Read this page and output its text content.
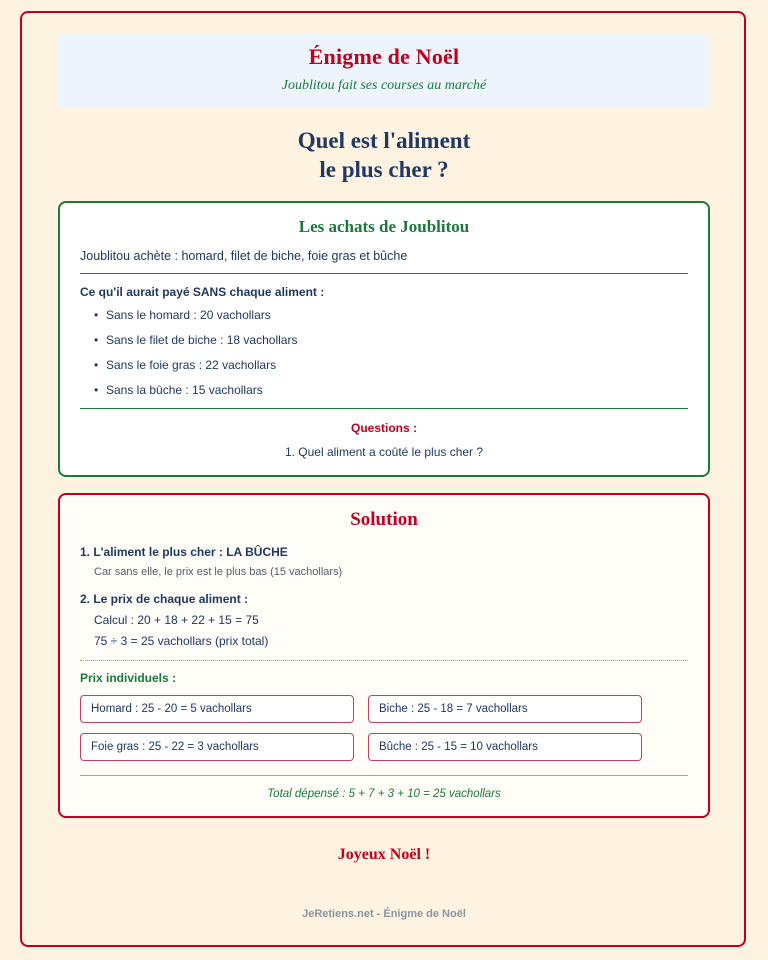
Énigme de Noël
Joublitou fait ses courses au marché
Quel est l'aliment
le plus cher ?
Les achats de Joublitou
Joublitou achète : homard, filet de biche, foie gras et bûche
Ce qu'il aurait payé SANS chaque aliment :
• Sans le homard : 20 vachollars
• Sans le filet de biche : 18 vachollars
• Sans le foie gras : 22 vachollars
• Sans la bûche : 15 vachollars
Questions :
1. Quel aliment a coûté le plus cher ?
Solution
1. L'aliment le plus cher : LA BÛCHE
Car sans elle, le prix est le plus bas (15 vachollars)
2. Le prix de chaque aliment :
Calcul : 20 + 18 + 22 + 15 = 75
75 ÷ 3 = 25 vachollars (prix total)
Prix individuels :
Homard : 25 - 20 = 5 vachollars	Biche : 25 - 18 = 7 vachollars
Foie gras : 25 - 22 = 3 vachollars	Bûche : 25 - 15 = 10 vachollars
Total dépensé : 5 + 7 + 3 + 10 = 25 vachollars
Joyeux Noël !
JeRetiens.net - Énigme de Noël
